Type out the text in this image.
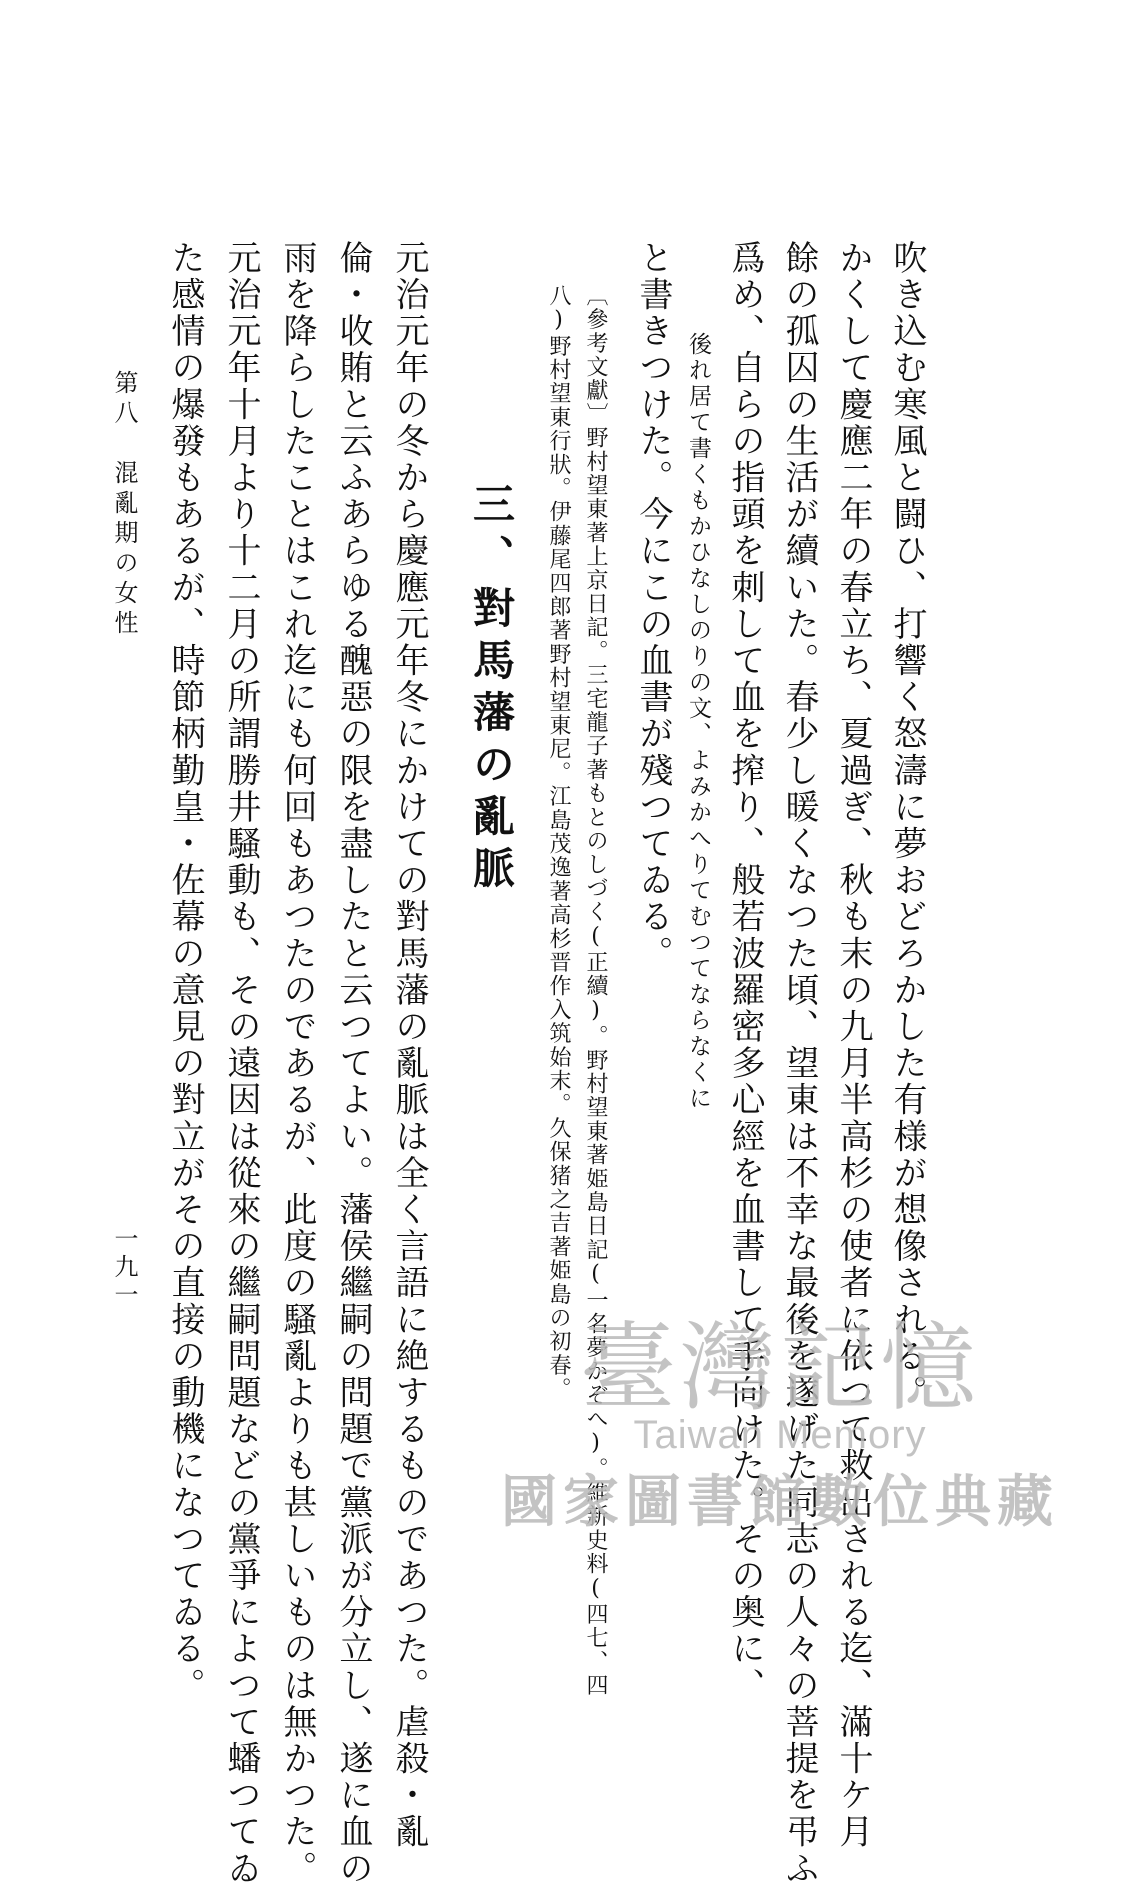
吹き込む寒風と闘ひ、打響く怒濤に夢おどろかした有様が想像される。
かくして慶應二年の春立ち、夏過ぎ、秋も末の九月半高杉の使者に依つて救出される迄、滿十ケ月
餘の孤囚の生活が續いた。春少し暖くなつた頃、望東は不幸な最後を遂げた同志の人々の菩提を弔ふ
爲め、自らの指頭を刺して血を搾り、般若波羅密多心經を血書して手向けた。その奥に、
後れ居て書くもかひなしのりの文、よみかへりてむつてならなくに
と書きつけた。今にこの血書が殘つてゐる。
〔參考文獻〕野村望東著上京日記。三宅龍子著もとのしづく(正續)。野村望東著姫島日記(一名夢かぞへ)。維新史料(四七、四
八)野村望東行狀。伊藤尾四郎著野村望東尼。江島茂逸著高杉晋作入筑始末。久保猪之吉著姫島の初春。
三、對馬藩の亂脈
元治元年の冬から慶應元年冬にかけての對馬藩の亂脈は全く言語に絶するものであつた。虐殺・亂
倫・收賄と云ふあらゆる醜惡の限を盡したと云つてよい。藩侯繼嗣の問題で黨派が分立し、遂に血の
雨を降らしたことはこれ迄にも何回もあつたのであるが、此度の騷亂よりも甚しいものは無かつた。
元治元年十月より十二月の所謂勝井騷動も、その遠因は從來の繼嗣問題などの黨爭によつて蟠つてゐ
た感情の爆發もあるが、時節柄勤皇・佐幕の意見の對立がその直接の動機になつてゐる。
第八　混亂期の女性
一九一
臺灣記憶
Taiwan Memory
國家圖書館數位典藏
